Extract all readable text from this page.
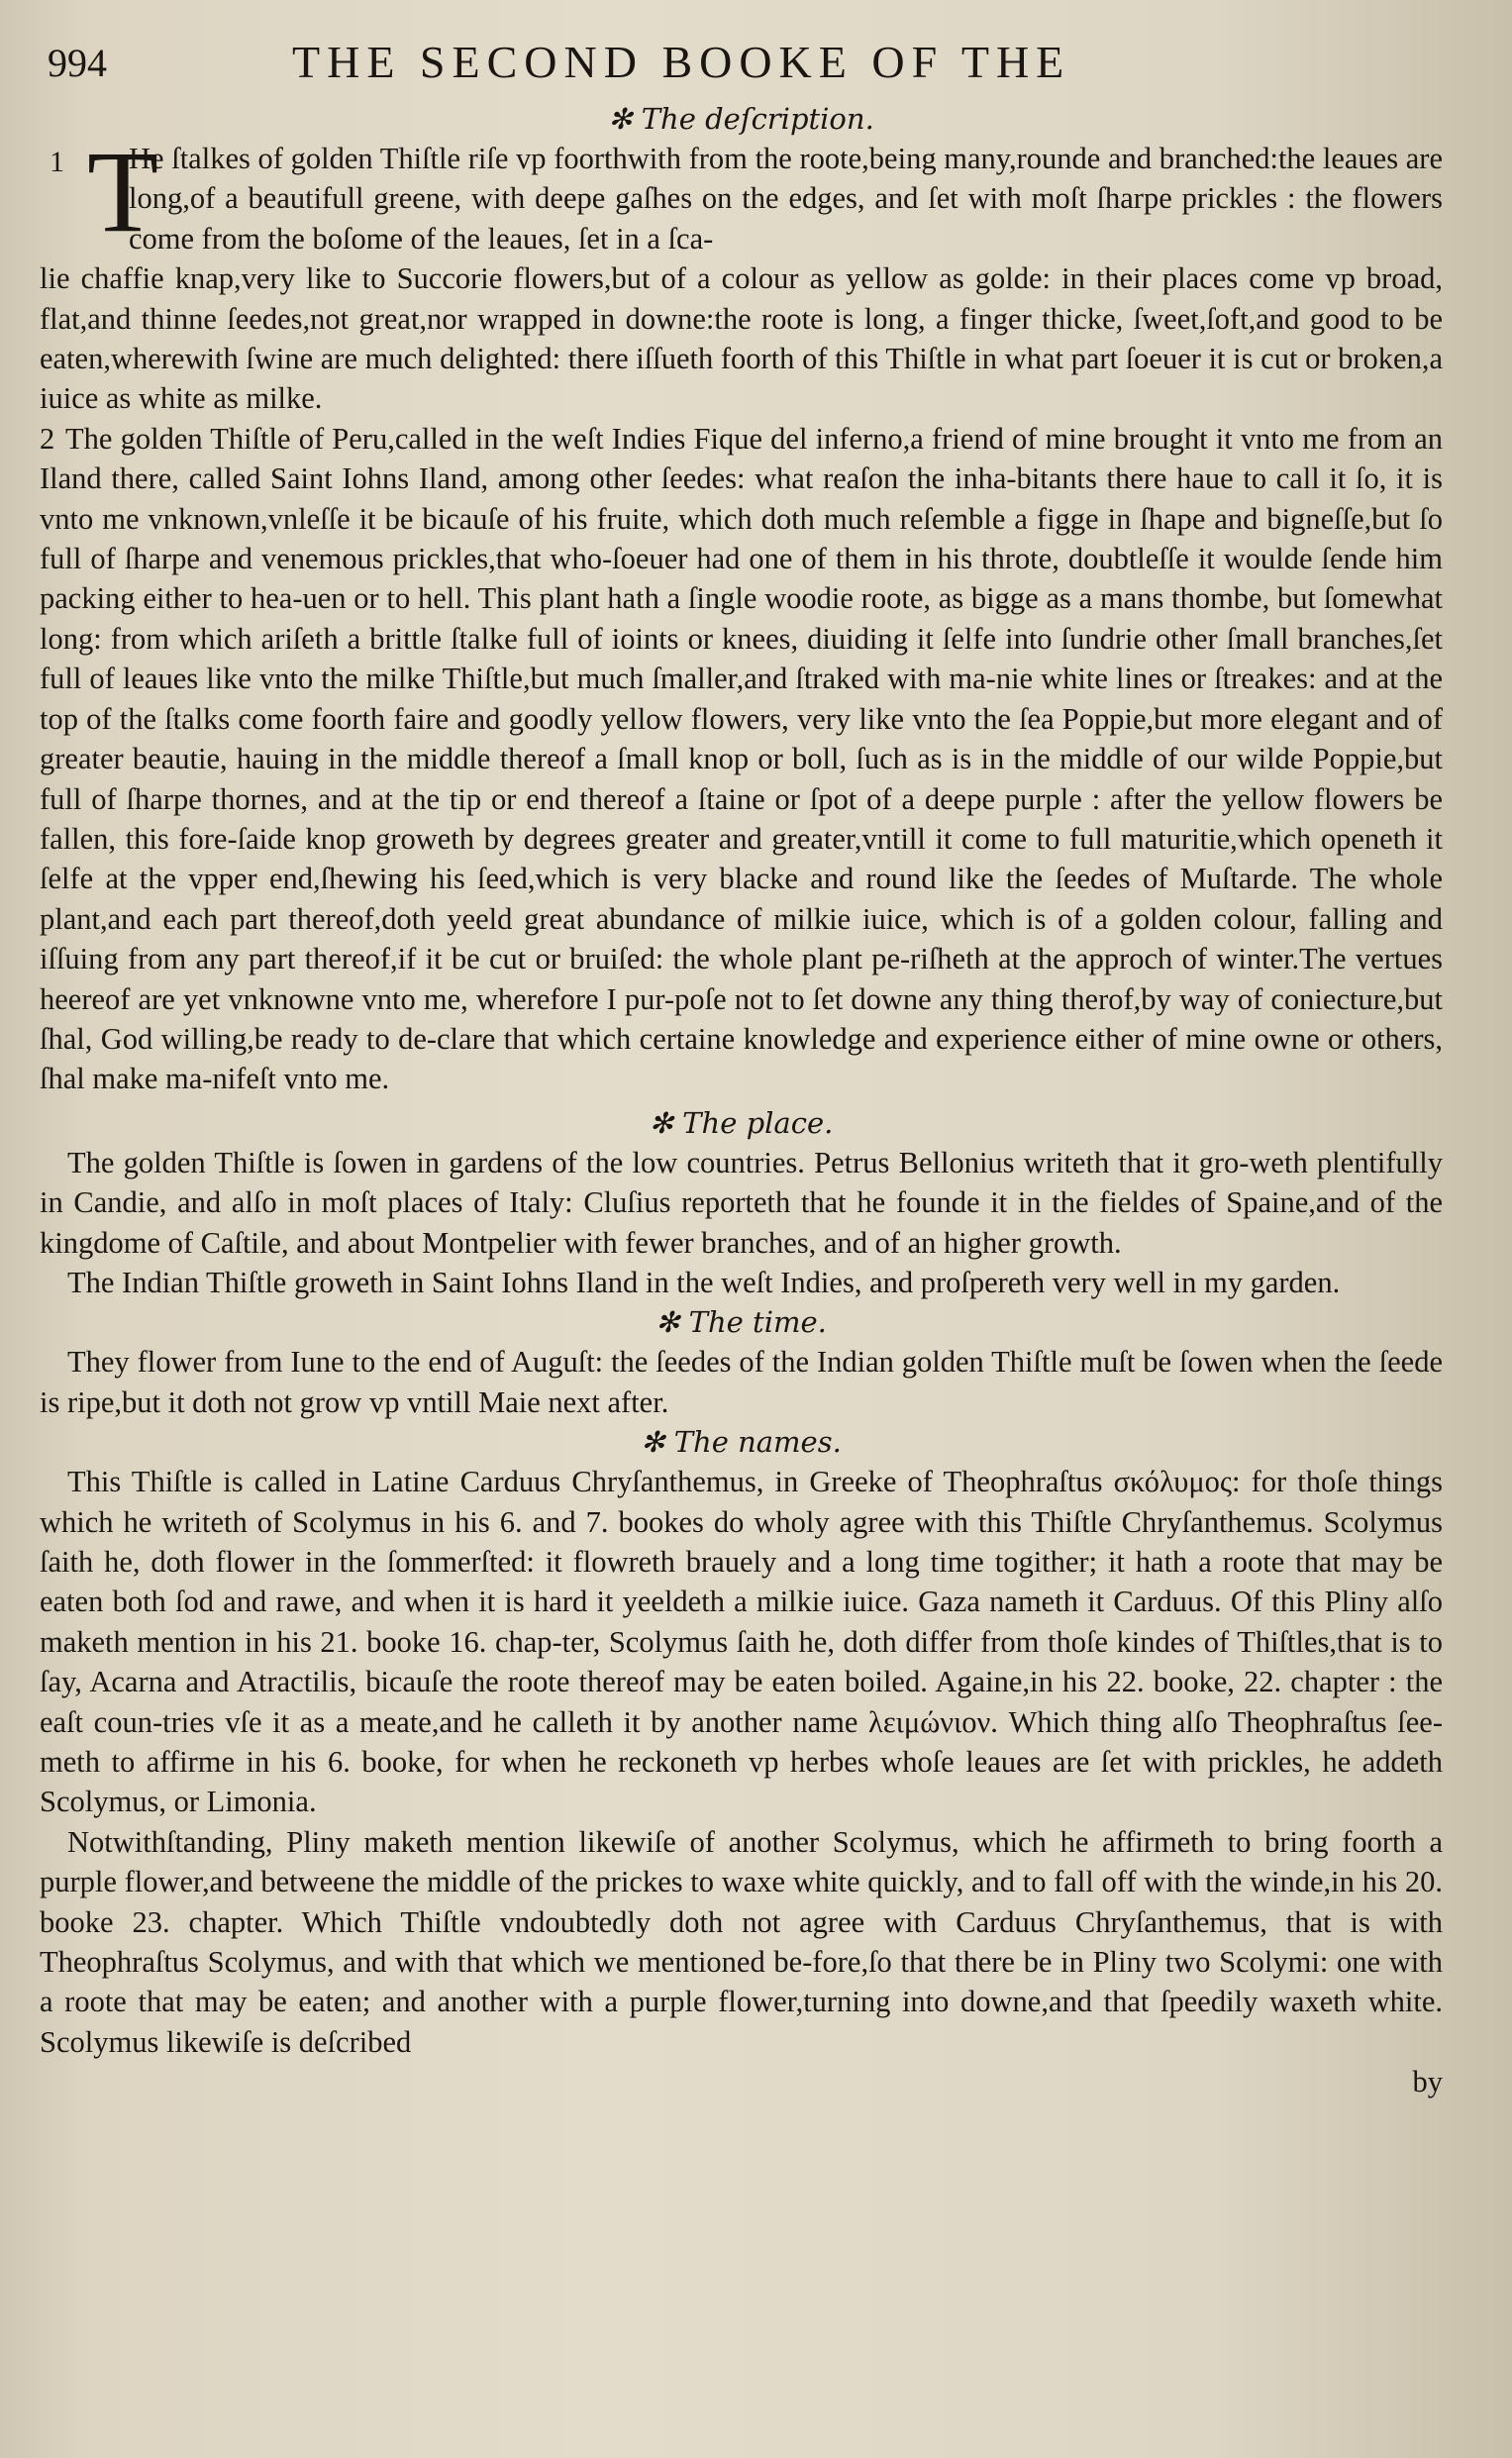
994	THE SECOND BOOKE OF THE

✻ The deſcription.

1 T
He ſtalkes of golden Thiſtle riſe vp foorthwith from the roote,being many,rounde and branched:the leaues are long,of a beautifull greene, with deepe gaſhes on the edges, and ſet with moſt ſharpe prickles : the flowers come from the boſome of the leaues, ſet in a ſca-

lie chaffie knap,very like to Succorie flowers,but of a colour as yellow as golde: in their places come vp broad, flat,and thinne ſeedes,not great,nor wrapped in downe:the roote is long, a finger thicke, ſweet,ſoft,and good to be eaten,wherewith ſwine are much delighted: there iſſueth foorth of this Thiſtle in what part ſoeuer it is cut or broken,a iuice as white as milke.

2 The golden Thiſtle of Peru,called in the weſt Indies Fique del inferno,a friend of mine brought it vnto me from an Iland there, called Saint Iohns Iland, among other ſeedes: what reaſon the inha-bitants there haue to call it ſo, it is vnto me vnknown,vnleſſe it be bicauſe of his fruite, which doth much reſemble a figge in ſhape and bigneſſe,but ſo full of ſharpe and venemous prickles,that who-ſoeuer had one of them in his throte, doubtleſſe it woulde ſende him packing either to hea-uen or to hell. This plant hath a ſingle woodie roote, as bigge as a mans thombe, but ſomewhat long: from which ariſeth a brittle ſtalke full of ioints or knees, diuiding it ſelfe into ſundrie other ſmall branches,ſet full of leaues like vnto the milke Thiſtle,but much ſmaller,and ſtraked with ma-nie white lines or ſtreakes: and at the top of the ſtalks come foorth faire and goodly yellow flowers, very like vnto the ſea Poppie,but more elegant and of greater beautie, hauing in the middle thereof a ſmall knop or boll, ſuch as is in the middle of our wilde Poppie,but full of ſharpe thornes, and at the tip or end thereof a ſtaine or ſpot of a deepe purple : after the yellow flowers be fallen, this fore-ſaide knop groweth by degrees greater and greater,vntill it come to full maturitie,which openeth it ſelfe at the vpper end,ſhewing his ſeed,which is very blacke and round like the ſeedes of Muſtarde. The whole plant,and each part thereof,doth yeeld great abundance of milkie iuice, which is of a golden colour, falling and iſſuing from any part thereof,if it be cut or bruiſed: the whole plant pe-riſheth at the approch of winter.The vertues heereof are yet vnknowne vnto me, wherefore I pur-poſe not to ſet downe any thing therof,by way of coniecture,but ſhal, God willing,be ready to de-clare that which certaine knowledge and experience either of mine owne or others, ſhal make ma-nifeſt vnto me.

✻ The place.

The golden Thiſtle is ſowen in gardens of the low countries. Petrus Bellonius writeth that it gro-weth plentifully in Candie, and alſo in moſt places of Italy: Cluſius reporteth that he founde it in the fieldes of Spaine,and of the kingdome of Caſtile, and about Montpelier with fewer branches, and of an higher growth.

The Indian Thiſtle groweth in Saint Iohns Iland in the weſt Indies, and proſpereth very well in my garden.

✻ The time.

They flower from Iune to the end of Auguſt: the ſeedes of the Indian golden Thiſtle muſt be ſowen when the ſeede is ripe,but it doth not grow vp vntill Maie next after.

✻ The names.

This Thiſtle is called in Latine Carduus Chryſanthemus, in Greeke of Theophraſtus σκόλυμος: for thoſe things which he writeth of Scolymus in his 6. and 7. bookes do wholy agree with this Thiſtle Chryſanthemus. Scolymus ſaith he, doth flower in the ſommerſted: it flowreth brauely and a long time togither; it hath a roote that may be eaten both ſod and rawe, and when it is hard it yeeldeth a milkie iuice. Gaza nameth it Carduus. Of this Pliny alſo maketh mention in his 21. booke 16. chap-ter, Scolymus ſaith he, doth differ from thoſe kindes of Thiſtles,that is to ſay, Acarna and Atractilis, bicauſe the roote thereof may be eaten boiled. Againe,in his 22. booke, 22. chapter : the eaſt coun-tries vſe it as a meate,and he calleth it by another name λειμώνιον. Which thing alſo Theophraſtus ſee-meth to affirme in his 6. booke, for when he reckoneth vp herbes whoſe leaues are ſet with prickles, he addeth Scolymus, or Limonia.

Notwithſtanding, Pliny maketh mention likewiſe of another Scolymus, which he affirmeth to bring foorth a purple flower,and betweene the middle of the prickes to waxe white quickly, and to fall off with the winde,in his 20. booke 23. chapter. Which Thiſtle vndoubtedly doth not agree with Carduus Chryſanthemus, that is with Theophraſtus Scolymus, and with that which we mentioned be-fore,ſo that there be in Pliny two Scolymi: one with a roote that may be eaten; and another with a purple flower,turning into downe,and that ſpeedily waxeth white. Scolymus likewiſe is deſcribed

by
